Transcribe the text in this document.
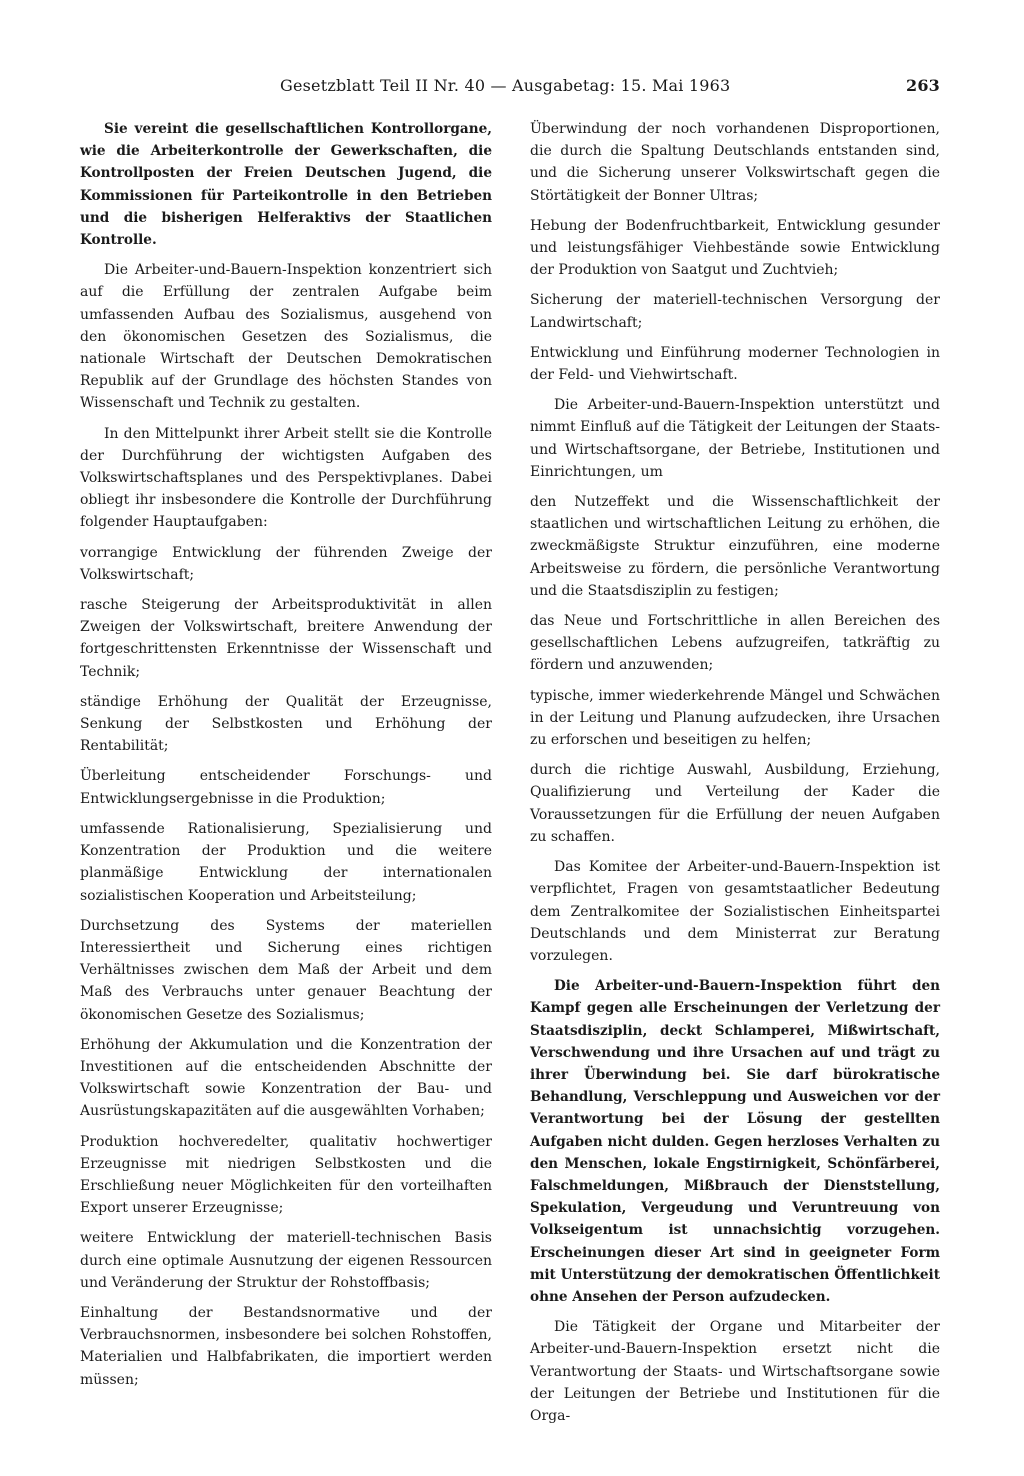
Gesetzblatt Teil II Nr. 40 — Ausgabetag: 15. Mai 1963	263

Sie vereint die gesellschaftlichen Kontrollorgane, wie die Arbeiterkontrolle der Gewerkschaften, die Kontrollposten der Freien Deutschen Jugend, die Kommissionen für Parteikontrolle in den Betrieben und die bisherigen Helferaktivs der Staatlichen Kontrolle.

Die Arbeiter-und-Bauern-Inspektion konzentriert sich auf die Erfüllung der zentralen Aufgabe beim umfassenden Aufbau des Sozialismus, ausgehend von den ökonomischen Gesetzen des Sozialismus, die nationale Wirtschaft der Deutschen Demokratischen Republik auf der Grundlage des höchsten Standes von Wissenschaft und Technik zu gestalten.

In den Mittelpunkt ihrer Arbeit stellt sie die Kontrolle der Durchführung der wichtigsten Aufgaben des Volkswirtschaftsplanes und des Perspektivplanes. Dabei obliegt ihr insbesondere die Kontrolle der Durchführung folgender Hauptaufgaben:

vorrangige Entwicklung der führenden Zweige der Volkswirtschaft;

rasche Steigerung der Arbeitsproduktivität in allen Zweigen der Volkswirtschaft, breitere Anwendung der fortgeschrittensten Erkenntnisse der Wissenschaft und Technik;

ständige Erhöhung der Qualität der Erzeugnisse, Senkung der Selbstkosten und Erhöhung der Rentabilität;

Überleitung entscheidender Forschungs- und Entwicklungsergebnisse in die Produktion;

umfassende Rationalisierung, Spezialisierung und Konzentration der Produktion und die weitere planmäßige Entwicklung der internationalen sozialistischen Kooperation und Arbeitsteilung;

Durchsetzung des Systems der materiellen Interessiertheit und Sicherung eines richtigen Verhältnisses zwischen dem Maß der Arbeit und dem Maß des Verbrauchs unter genauer Beachtung der ökonomischen Gesetze des Sozialismus;

Erhöhung der Akkumulation und die Konzentration der Investitionen auf die entscheidenden Abschnitte der Volkswirtschaft sowie Konzentration der Bau- und Ausrüstungskapazitäten auf die ausgewählten Vorhaben;

Produktion hochveredelter, qualitativ hochwertiger Erzeugnisse mit niedrigen Selbstkosten und die Erschließung neuer Möglichkeiten für den vorteilhaften Export unserer Erzeugnisse;

weitere Entwicklung der materiell-technischen Basis durch eine optimale Ausnutzung der eigenen Ressourcen und Veränderung der Struktur der Rohstoffbasis;

Einhaltung der Bestandsnormative und der Verbrauchsnormen, insbesondere bei solchen Rohstoffen, Materialien und Halbfabrikaten, die importiert werden müssen;

Überwindung der noch vorhandenen Disproportionen, die durch die Spaltung Deutschlands entstanden sind, und die Sicherung unserer Volkswirtschaft gegen die Störtätigkeit der Bonner Ultras;

Hebung der Bodenfruchtbarkeit, Entwicklung gesunder und leistungsfähiger Viehbestände sowie Entwicklung der Produktion von Saatgut und Zuchtvieh;

Sicherung der materiell-technischen Versorgung der Landwirtschaft;

Entwicklung und Einführung moderner Technologien in der Feld- und Viehwirtschaft.

Die Arbeiter-und-Bauern-Inspektion unterstützt und nimmt Einfluß auf die Tätigkeit der Leitungen der Staats- und Wirtschaftsorgane, der Betriebe, Institutionen und Einrichtungen, um

den Nutzeffekt und die Wissenschaftlichkeit der staatlichen und wirtschaftlichen Leitung zu erhöhen, die zweckmäßigste Struktur einzuführen, eine moderne Arbeitsweise zu fördern, die persönliche Verantwortung und die Staatsdisziplin zu festigen;

das Neue und Fortschrittliche in allen Bereichen des gesellschaftlichen Lebens aufzugreifen, tatkräftig zu fördern und anzuwenden;

typische, immer wiederkehrende Mängel und Schwächen in der Leitung und Planung aufzudecken, ihre Ursachen zu erforschen und beseitigen zu helfen;

durch die richtige Auswahl, Ausbildung, Erziehung, Qualifizierung und Verteilung der Kader die Voraussetzungen für die Erfüllung der neuen Aufgaben zu schaffen.

Das Komitee der Arbeiter-und-Bauern-Inspektion ist verpflichtet, Fragen von gesamtstaatlicher Bedeutung dem Zentralkomitee der Sozialistischen Einheitspartei Deutschlands und dem Ministerrat zur Beratung vorzulegen.

Die Arbeiter-und-Bauern-Inspektion führt den Kampf gegen alle Erscheinungen der Verletzung der Staatsdisziplin, deckt Schlamperei, Mißwirtschaft, Verschwendung und ihre Ursachen auf und trägt zu ihrer Überwindung bei. Sie darf bürokratische Behandlung, Verschleppung und Ausweichen vor der Verantwortung bei der Lösung der gestellten Aufgaben nicht dulden. Gegen herzloses Verhalten zu den Menschen, lokale Engstirnigkeit, Schönfärberei, Falschmeldungen, Mißbrauch der Dienststellung, Spekulation, Vergeudung und Veruntreuung von Volkseigentum ist unnachsichtig vorzugehen. Erscheinungen dieser Art sind in geeigneter Form mit Unterstützung der demokratischen Öffentlichkeit ohne Ansehen der Person aufzudecken.

Die Tätigkeit der Organe und Mitarbeiter der Arbeiter-und-Bauern-Inspektion ersetzt nicht die Verantwortung der Staats- und Wirtschaftsorgane sowie der Leitungen der Betriebe und Institutionen für die Orga-
